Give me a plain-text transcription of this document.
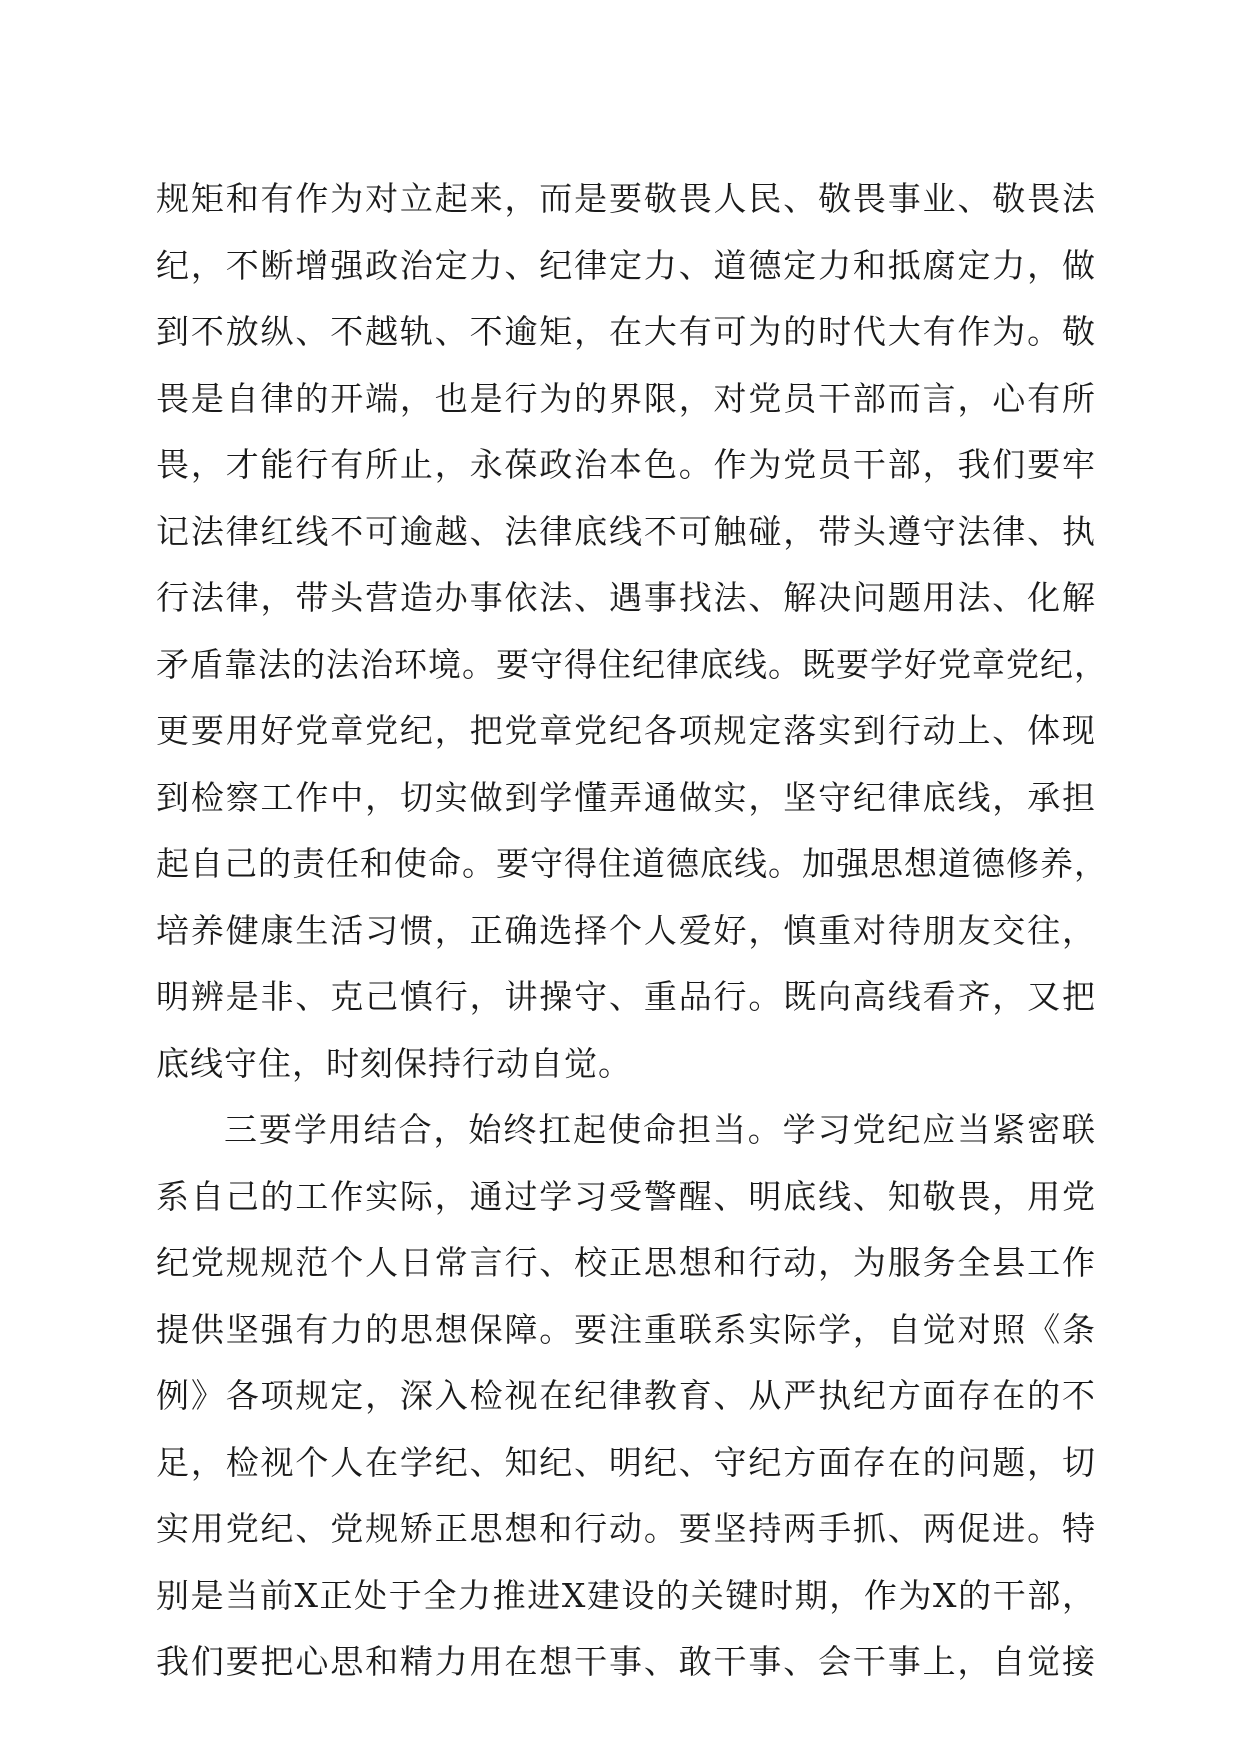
规矩和有作为对立起来，而是要敬畏人民、敬畏事业、敬畏法
纪，不断增强政治定力、纪律定力、道德定力和抵腐定力，做
到不放纵、不越轨、不逾矩，在大有可为的时代大有作为。敬
畏是自律的开端，也是行为的界限，对党员干部而言，心有所
畏，才能行有所止，永葆政治本色。作为党员干部，我们要牢
记法律红线不可逾越、法律底线不可触碰，带头遵守法律、执
行法律，带头营造办事依法、遇事找法、解决问题用法、化解
矛盾靠法的法治环境。要守得住纪律底线。既要学好党章党纪，
更要用好党章党纪，把党章党纪各项规定落实到行动上、体现
到检察工作中，切实做到学懂弄通做实，坚守纪律底线，承担
起自己的责任和使命。要守得住道德底线。加强思想道德修养，
培养健康生活习惯，正确选择个人爱好，慎重对待朋友交往，
明辨是非、克己慎行，讲操守、重品行。既向高线看齐，又把
底线守住，时刻保持行动自觉。
三要学用结合，始终扛起使命担当。学习党纪应当紧密联
系自己的工作实际，通过学习受警醒、明底线、知敬畏，用党
纪党规规范个人日常言行、校正思想和行动，为服务全县工作
提供坚强有力的思想保障。要注重联系实际学，自觉对照《条
例》各项规定，深入检视在纪律教育、从严执纪方面存在的不
足，检视个人在学纪、知纪、明纪、守纪方面存在的问题，切
实用党纪、党规矫正思想和行动。要坚持两手抓、两促进。特
别是当前X正处于全力推进X建设的关键时期，作为X的干部，
我们要把心思和精力用在想干事、敢干事、会干事上，自觉接
